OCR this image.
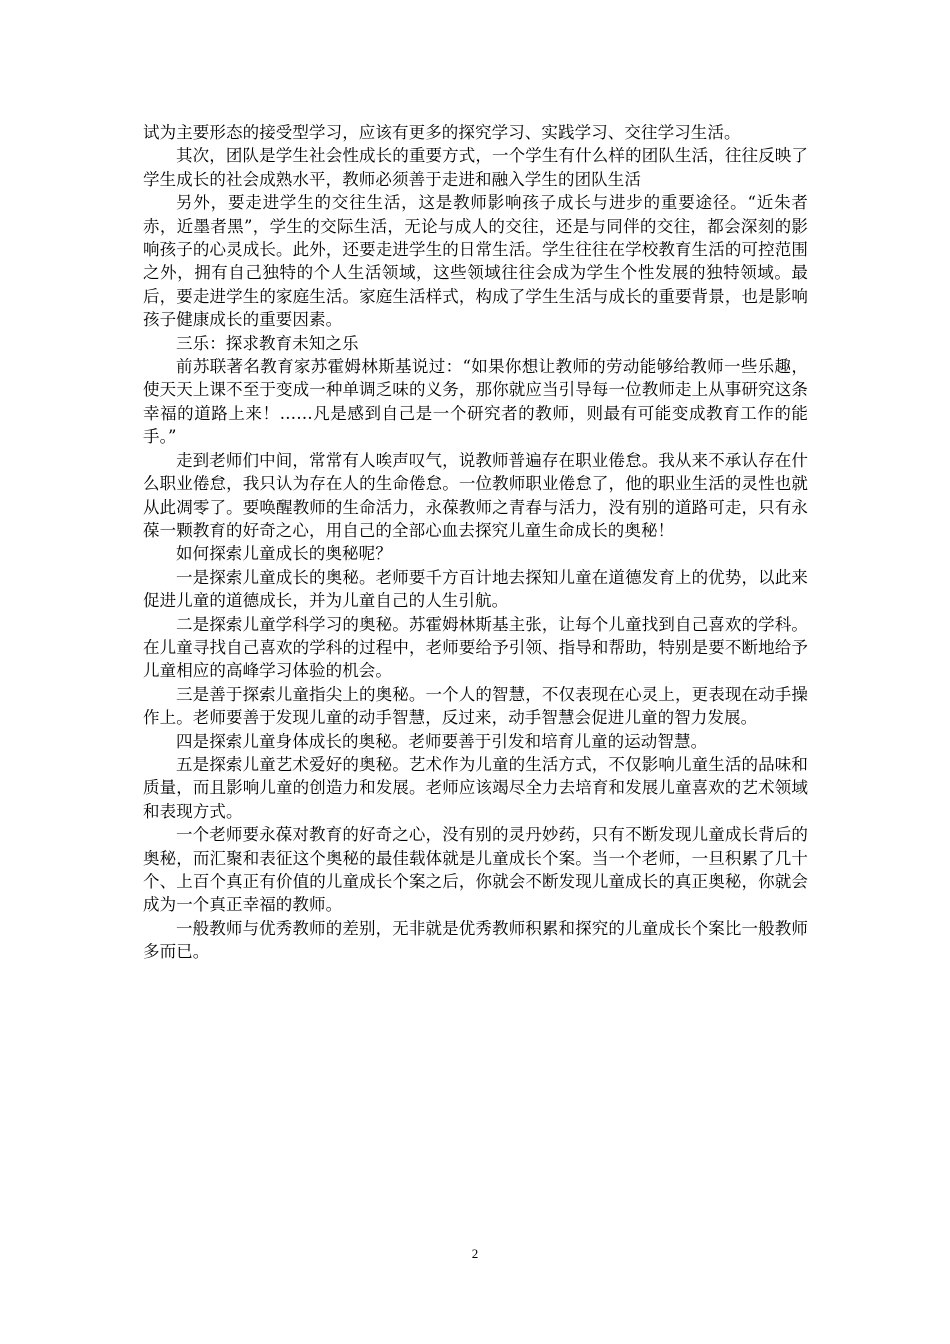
试为主要形态的接受型学习，应该有更多的探究学习、实践学习、交往学习生活。

其次，团队是学生社会性成长的重要方式，一个学生有什么样的团队生活，往往反映了学生成长的社会成熟水平，教师必须善于走进和融入学生的团队生活

另外，要走进学生的交往生活，这是教师影响孩子成长与进步的重要途径。“近朱者赤，近墨者黑”，学生的交际生活，无论与成人的交往，还是与同伴的交往，都会深刻的影响孩子的心灵成长。此外，还要走进学生的日常生活。学生往往在学校教育生活的可控范围之外，拥有自己独特的个人生活领域，这些领域往往会成为学生个性发展的独特领域。最后，要走进学生的家庭生活。家庭生活样式，构成了学生生活与成长的重要背景，也是影响孩子健康成长的重要因素。

三乐：探求教育未知之乐

前苏联著名教育家苏霍姆林斯基说过：“如果你想让教师的劳动能够给教师一些乐趣，使天天上课不至于变成一种单调乏味的义务，那你就应当引导每一位教师走上从事研究这条幸福的道路上来！……凡是感到自己是一个研究者的教师，则最有可能变成教育工作的能手。”

走到老师们中间，常常有人唉声叹气，说教师普遍存在职业倦怠。我从来不承认存在什么职业倦怠，我只认为存在人的生命倦怠。一位教师职业倦怠了，他的职业生活的灵性也就从此凋零了。要唤醒教师的生命活力，永葆教师之青春与活力，没有别的道路可走，只有永葆一颗教育的好奇之心，用自己的全部心血去探究儿童生命成长的奥秘！

如何探索儿童成长的奥秘呢？

一是探索儿童成长的奥秘。老师要千方百计地去探知儿童在道德发育上的优势，以此来促进儿童的道德成长，并为儿童自己的人生引航。

二是探索儿童学科学习的奥秘。苏霍姆林斯基主张，让每个儿童找到自己喜欢的学科。在儿童寻找自己喜欢的学科的过程中，老师要给予引领、指导和帮助，特别是要不断地给予儿童相应的高峰学习体验的机会。

三是善于探索儿童指尖上的奥秘。一个人的智慧，不仅表现在心灵上，更表现在动手操作上。老师要善于发现儿童的动手智慧，反过来，动手智慧会促进儿童的智力发展。

四是探索儿童身体成长的奥秘。老师要善于引发和培育儿童的运动智慧。

五是探索儿童艺术爱好的奥秘。艺术作为儿童的生活方式，不仅影响儿童生活的品味和质量，而且影响儿童的创造力和发展。老师应该竭尽全力去培育和发展儿童喜欢的艺术领域和表现方式。

一个老师要永葆对教育的好奇之心，没有别的灵丹妙药，只有不断发现儿童成长背后的奥秘，而汇聚和表征这个奥秘的最佳载体就是儿童成长个案。当一个老师，一旦积累了几十个、上百个真正有价值的儿童成长个案之后，你就会不断发现儿童成长的真正奥秘，你就会成为一个真正幸福的教师。

一般教师与优秀教师的差别，无非就是优秀教师积累和探究的儿童成长个案比一般教师多而已。

2
